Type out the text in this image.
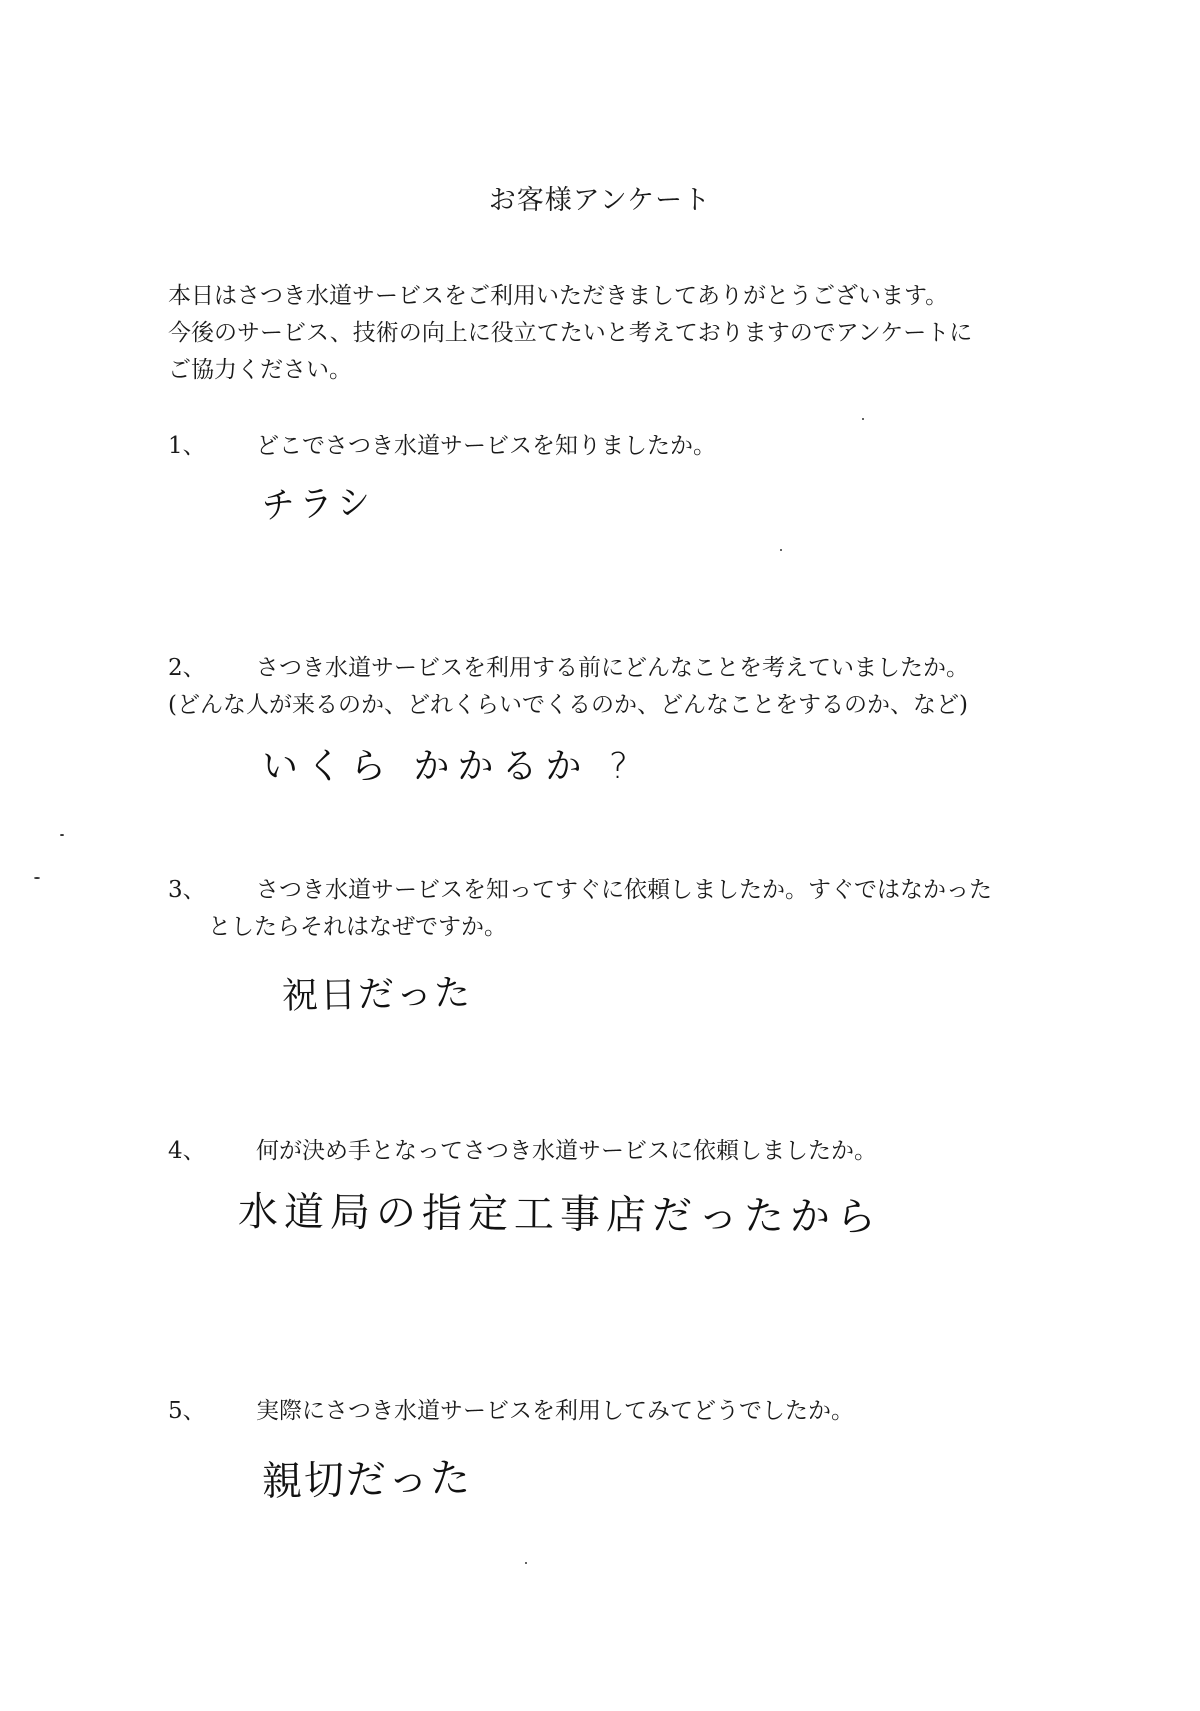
お客様アンケート
本日はさつき水道サービスをご利用いただきましてありがとうございます。
今後のサービス、技術の向上に役立てたいと考えておりますのでアンケートに
ご協力ください。
1、	どこでさつき水道サービスを知りましたか。
チラシ
2、	さつき水道サービスを利用する前にどんなことを考えていましたか。
(どんな人が来るのか、どれくらいでくるのか、どんなことをするのか、など)
いくら かかるか ?
3、	さつき水道サービスを知ってすぐに依頼しましたか。すぐではなかった
としたらそれはなぜですか。
祝日だった
4、	何が決め手となってさつき水道サービスに依頼しましたか。
水道局の指定工事店だったから
5、	実際にさつき水道サービスを利用してみてどうでしたか。
親切だった
